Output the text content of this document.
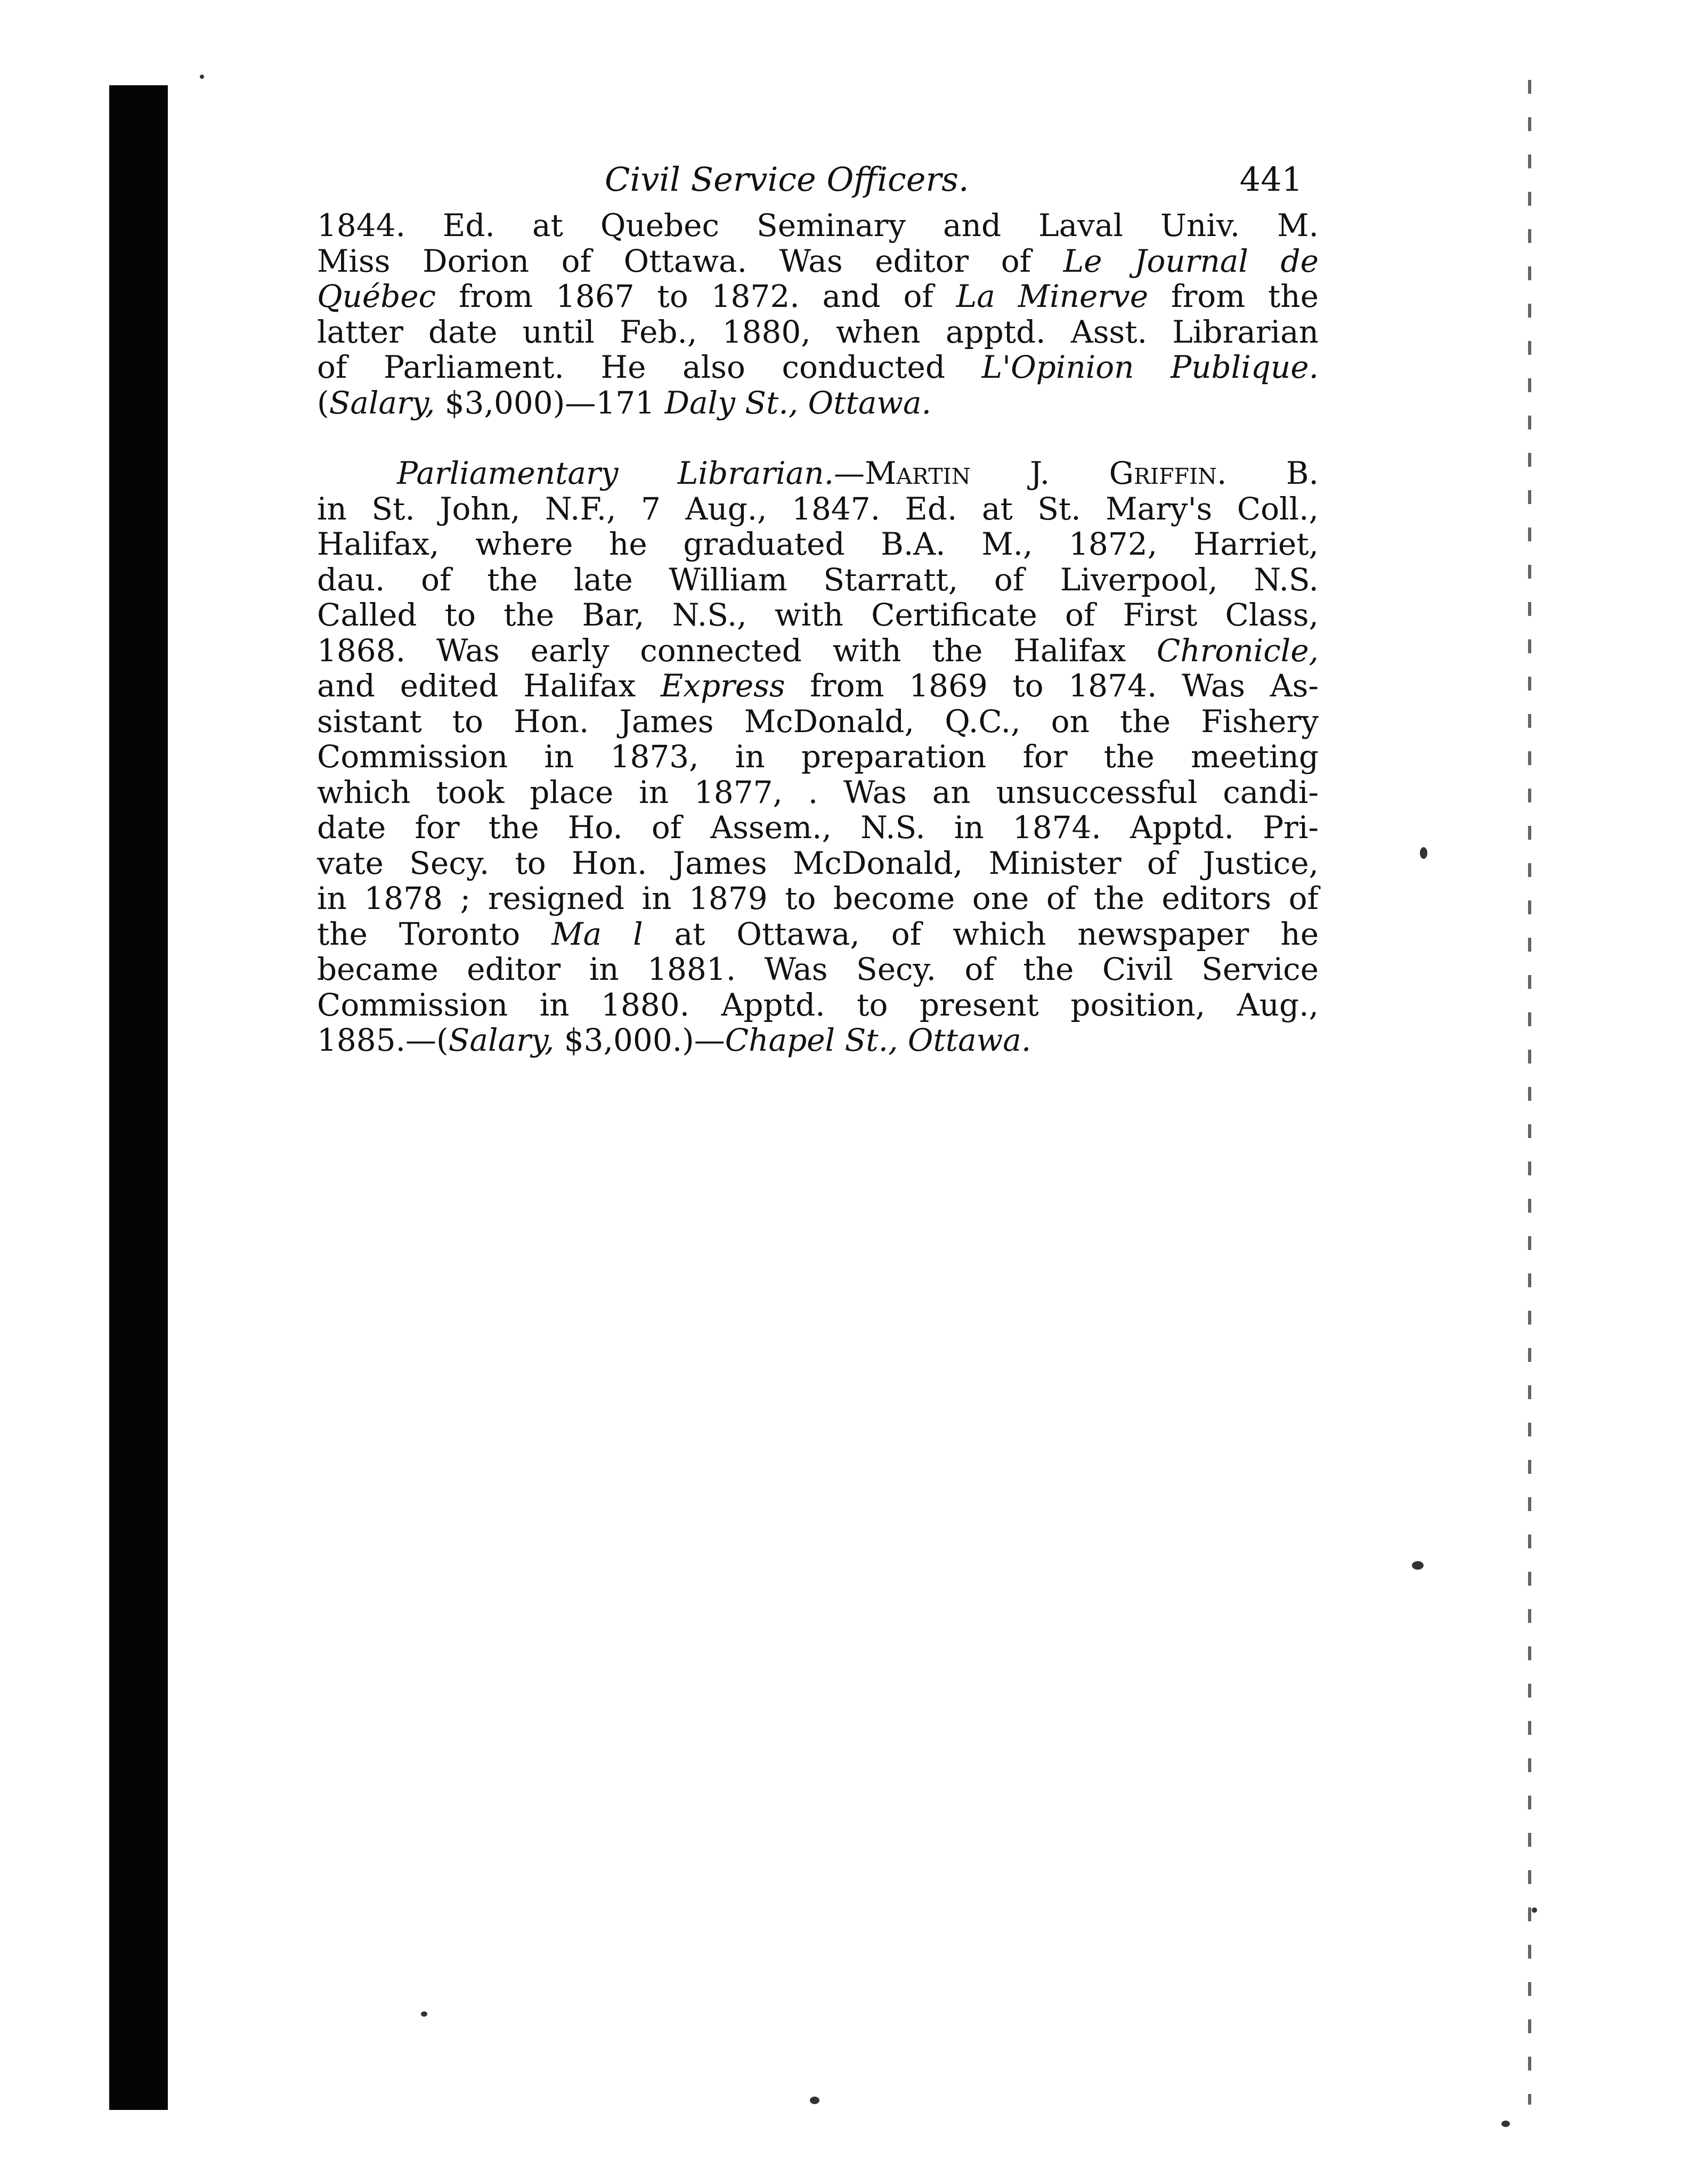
Civil Service Officers.	441
1844. Ed. at Quebec Seminary and Laval Univ. M.
Miss Dorion of Ottawa. Was editor of Le Journal de
Québec from 1867 to 1872. and of La Minerve from the
latter date until Feb., 1880, when apptd. Asst. Librarian
of Parliament. He also conducted L'Opinion Publique.
(Salary, $3,000)—171 Daly St., Ottawa.
Parliamentary Librarian.—Martin J. Griffin. B.
in St. John, N.F., 7 Aug., 1847. Ed. at St. Mary's Coll.,
Halifax, where he graduated B.A. M., 1872, Harriet,
dau. of the late William Starratt, of Liverpool, N.S.
Called to the Bar, N.S., with Certificate of First Class,
1868. Was early connected with the Halifax Chronicle,
and edited Halifax Express from 1869 to 1874. Was As-
sistant to Hon. James McDonald, Q.C., on the Fishery
Commission in 1873, in preparation for the meeting
which took place in 1877, . Was an unsuccessful candi-
date for the Ho. of Assem., N.S. in 1874. Apptd. Pri-
vate Secy. to Hon. James McDonald, Minister of Justice,
in 1878 ; resigned in 1879 to become one of the editors of
the Toronto Ma l at Ottawa, of which newspaper he
became editor in 1881. Was Secy. of the Civil Service
Commission in 1880. Apptd. to present position, Aug.,
1885.—(Salary, $3,000.)—Chapel St., Ottawa.
